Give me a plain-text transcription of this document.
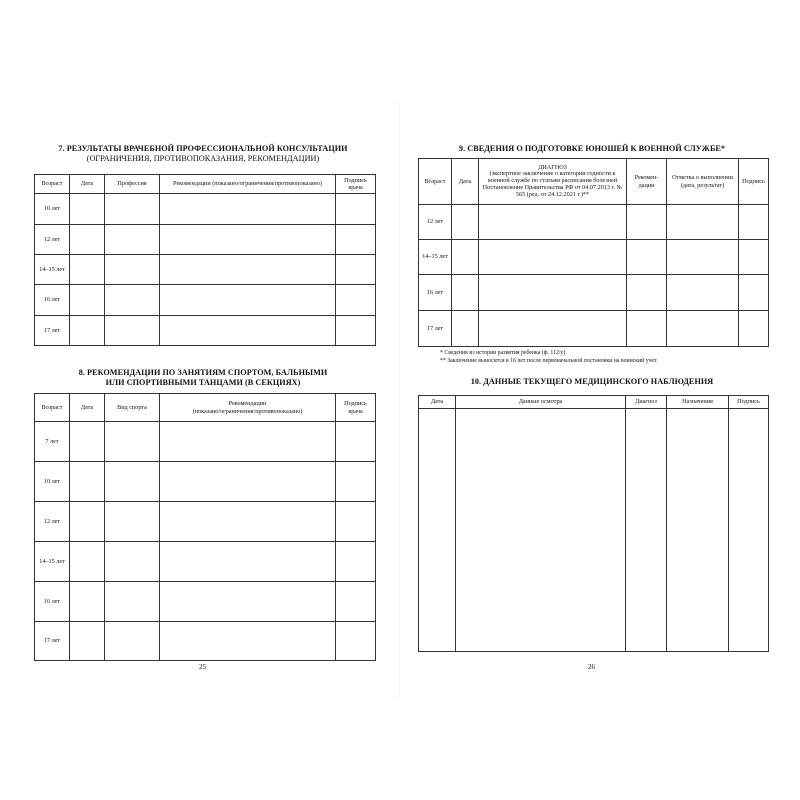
7. РЕЗУЛЬТАТЫ ВРАЧЕБНОЙ ПРОФЕССИОНАЛЬНОЙ КОНСУЛЬТАЦИИ
(ОГРАНИЧЕНИЯ, ПРОТИВОПОКАЗАНИЯ, РЕКОМЕНДАЦИИ)
Возраст	Дата	Профессия	Рекомендации (показано/ограничения/противопоказано)	Подпись врача
10 лет				
12 лет				
14–15 лет				
16 лет				
17 лет				
8. РЕКОМЕНДАЦИИ ПО ЗАНЯТИЯМ СПОРТОМ, БАЛЬНЫМИ
ИЛИ СПОРТИВНЫМИ ТАНЦАМИ (В СЕКЦИЯХ)
Возраст	Дата	Вид спорта	Рекомендации
(показано/ограничения/противопоказано)	Подпись врача
7 лет				
10 лет				
12 лет				
14–15 лет				
16 лет				
17 лет				
25
9. СВЕДЕНИЯ О ПОДГОТОВКЕ ЮНОШЕЙ К ВОЕННОЙ СЛУЖБЕ*
Возраст	Дата	ДИАГНОЗ
(экспертное заключение о категории годности к военной службе по статьям расписания болезней Постановление Правительства РФ от 04.07.2013 г. № 565 (ред. от 24.12.2021 г.)**	Рекомен-дации	Отметка о выполнении (дата, результат)	Подпись
12 лет					
14–15 лет					
16 лет					
17 лет					
* Сведения из истории развития ребенка (ф. 112/у).
** Заключение выносится в 16 лет после первоначальной постановки на воинский учет.
10. ДАННЫЕ ТЕКУЩЕГО МЕДИЦИНСКОГО НАБЛЮДЕНИЯ
Дата	Данные осмотра	Диагноз	Назначения	Подпись

26
